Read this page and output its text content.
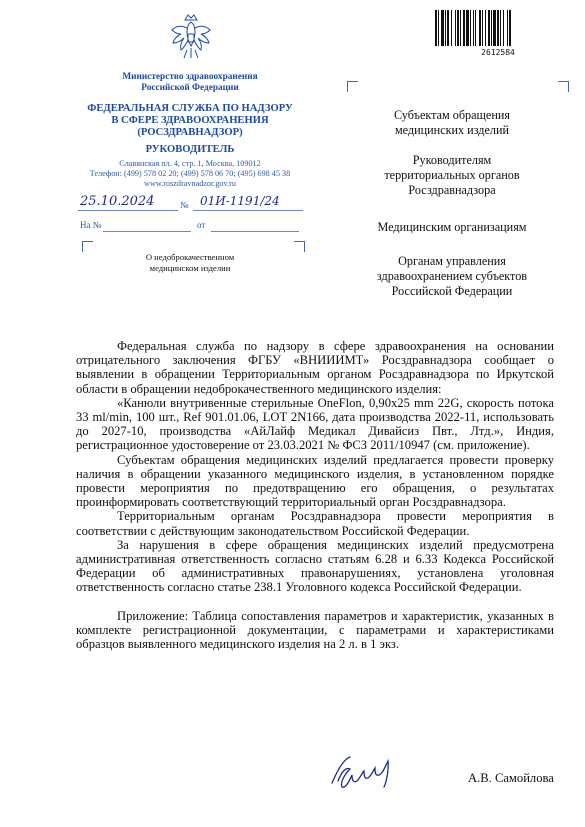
Министерство здравоохранения
Российской Федерации
ФЕДЕРАЛЬНАЯ СЛУЖБА ПО НАДЗОРУ
В СФЕРЕ ЗДРАВООХРАНЕНИЯ
(РОСЗДРАВНАДЗОР)
РУКОВОДИТЕЛЬ
Славянская пл. 4, стр. 1, Москва, 109012
Телефон: (499) 578 02 20; (499) 578 06 70; (495) 698 45 38
www.roszdravnadzor.gov.ru
25.10.2024	№ 01И-1191/24
На №	от
О недоброкачественном
медицинском изделии
2612584
Субъектам обращения
медицинских изделий
Руководителям
территориальных органов
Росздравнадзора
Медицинским организациям
Органам управления
здравоохранением субъектов
Российской Федерации

Федеральная служба по надзору в сфере здравоохранения на основании отрицательного заключения ФГБУ «ВНИИИМТ» Росздравнадзора сообщает о выявлении в обращении Территориальным органом Росздравнадзора по Иркутской области в обращении недоброкачественного медицинского изделия:

«Канюли внутривенные стерильные OneFlon, 0,90х25 mm 22G, скорость потока 33 ml/min, 100 шт., Ref 901.01.06, LOT 2N166, дата производства 2022-11, использовать до 2027-10, производства «АйЛайф Медикал Дивайсиз Пвт., Лтд.», Индия, регистрационное удостоверение от 23.03.2021 № ФСЗ 2011/10947 (см. приложение).

Субъектам обращения медицинских изделий предлагается провести проверку наличия в обращении указанного медицинского изделия, в установленном порядке провести мероприятия по предотвращению его обращения, о результатах проинформировать соответствующий территориальный орган Росздравнадзора.

Территориальным органам Росздравнадзора провести мероприятия в соответствии с действующим законодательством Российской Федерации.

За нарушения в сфере обращения медицинских изделий предусмотрена административная ответственность согласно статьям 6.28 и 6.33 Кодекса Российской Федерации об административных правонарушениях, установлена уголовная ответственность согласно статье 238.1 Уголовного кодекса Российской Федерации.

Приложение: Таблица сопоставления параметров и характеристик, указанных в комплекте регистрационной документации, с параметрами и характеристиками образцов выявленного медицинского изделия на 2 л. в 1 экз.

А.В. Самойлова
